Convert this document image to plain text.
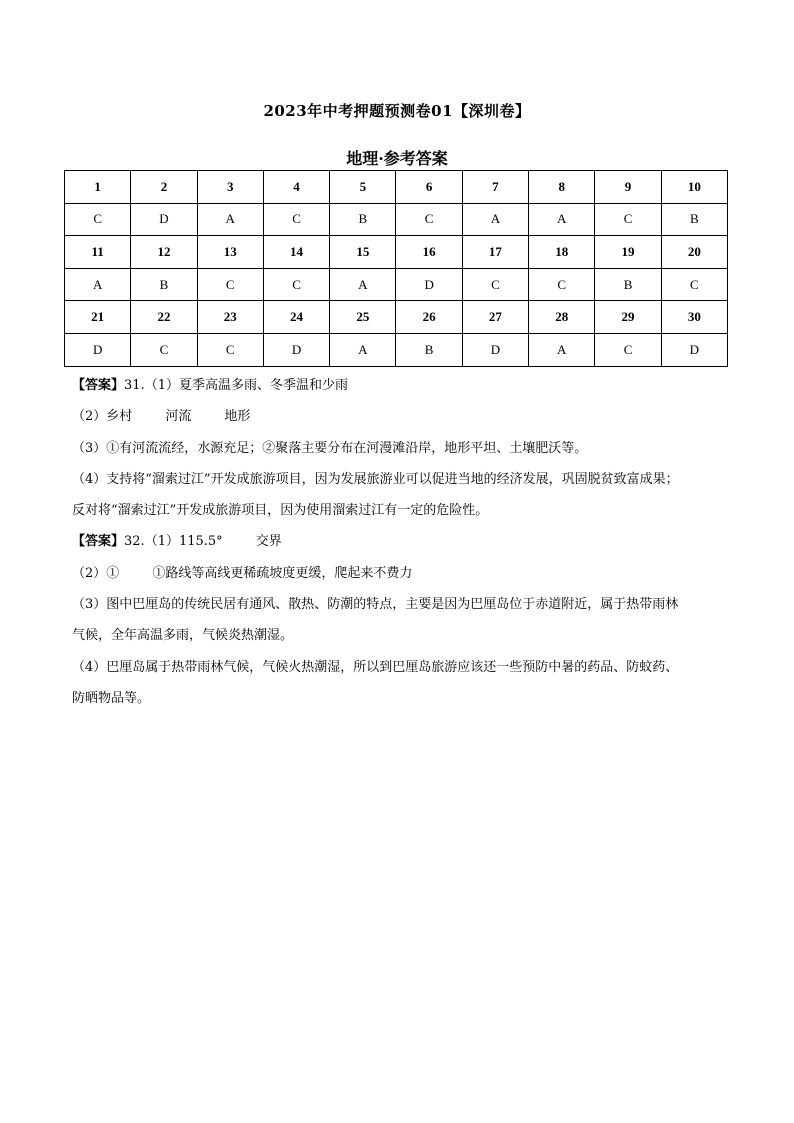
2023年中考押题预测卷01【深圳卷】
地理·参考答案
1	2	3	4	5	6	7	8	9	10
C	D	A	C	B	C	A	A	C	B
11	12	13	14	15	16	17	18	19	20
A	B	C	C	A	D	C	C	B	C
21	22	23	24	25	26	27	28	29	30
D	C	C	D	A	B	D	A	C	D

【答案】31.（1）夏季高温多雨、冬季温和少雨

（2）乡村        河流        地形

（3）①有河流流经，水源充足；②聚落主要分布在河漫滩沿岸，地形平坦、土壤肥沃等。

（4）支持将“溜索过江”开发成旅游项目，因为发展旅游业可以促进当地的经济发展，巩固脱贫致富成果；

反对将“溜索过江”开发成旅游项目，因为使用溜索过江有一定的危险性。

【答案】32.（1）115.5°        交界

（2）①        ①路线等高线更稀疏坡度更缓，爬起来不费力

（3）图中巴厘岛的传统民居有通风、散热、防潮的特点，主要是因为巴厘岛位于赤道附近，属于热带雨林

气候，全年高温多雨，气候炎热潮湿。

（4）巴厘岛属于热带雨林气候，气候火热潮湿，所以到巴厘岛旅游应该还一些预防中暑的药品、防蚊药、

防晒物品等。
